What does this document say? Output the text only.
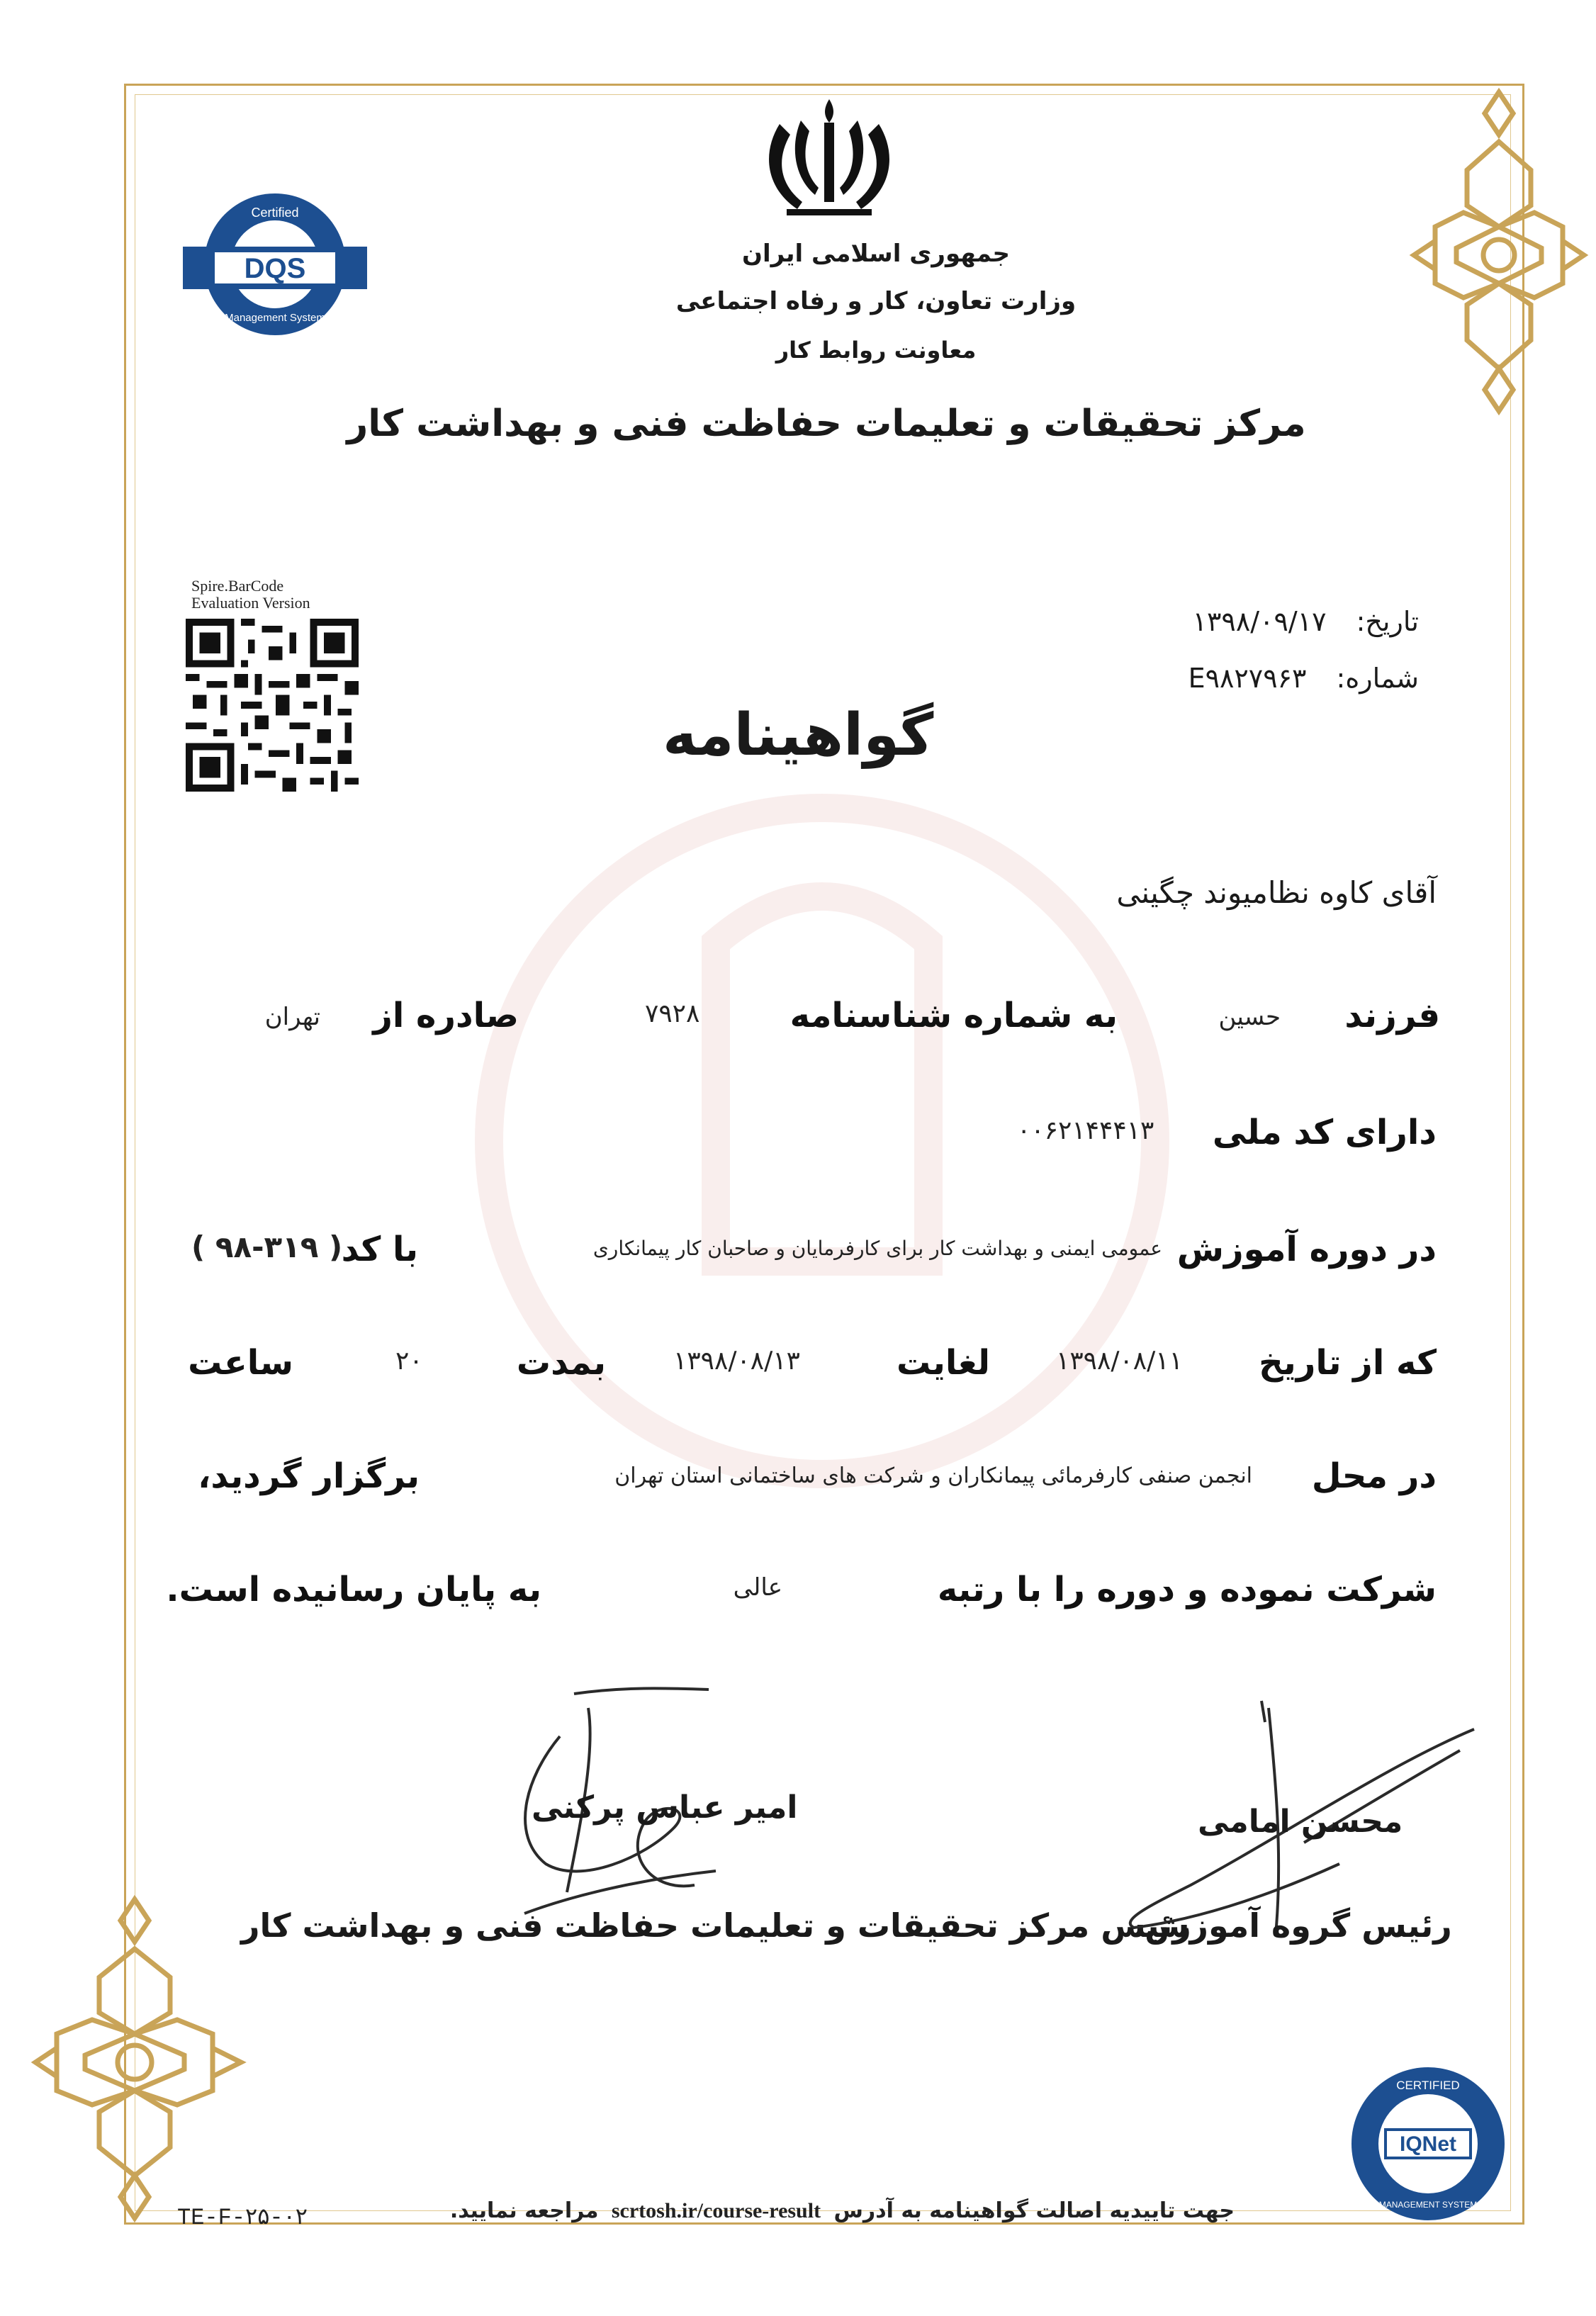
جمهوری اسلامی ایران
وزارت تعاون، کار و رفاه اجتماعی
معاونت روابط کار
مرکز تحقیقات و تعلیمات حفاظت فنی و بهداشت کار
DQS
Certified
Management System
Spire.BarCode
Evaluation Version
تاریخ: ۱۳۹۸/۰۹/۱۷
شماره: E۹۸۲۷۹۶۳
گواهینامه
آقای کاوه نظامیوند چگینی
فرزند
حسین
به شماره شناسنامه
۷۹۲۸
صادره از
تهران
دارای کد ملی
۰۰۶۲۱۴۴۴۱۳
در دوره آموزش
عمومی ایمنی و بهداشت کار برای کارفرمایان و صاحبان کار پیمانکاری
با کد
( ۹۸-۳۱۹ )
که از تاریخ
۱۳۹۸/۰۸/۱۱
لغایت
۱۳۹۸/۰۸/۱۳
بمدت
۲۰
ساعت
در محل
انجمن صنفی کارفرمائی پیمانکاران و شرکت های ساختمانی استان تهران
برگزار گردید،
شرکت نموده و دوره را با رتبه
عالی
به پایان رسانیده است.
امیر عباس پرکنی
رئیس مرکز تحقیقات و تعلیمات حفاظت فنی و بهداشت کار
محسن امامی
رئیس گروه آموزش
IQNet
CERTIFIED
MANAGEMENT SYSTEM
TE-F-۲۵-۰۲	جهت تاییدیه اصالت گواهینامه به آدرس scrtosh.ir/course-result مراجعه نمایید.
